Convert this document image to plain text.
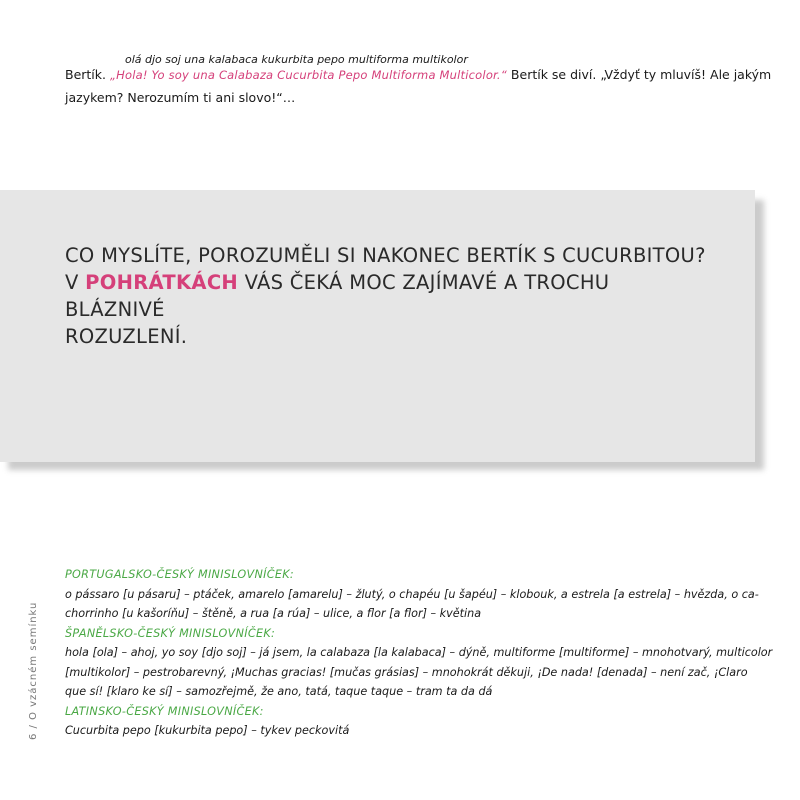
olá djo soj una kalabaca kukurbita pepo multiforma multikolor
Bertík. „Hola! Yo soy una Calabaza Cucurbita Pepo Multiforma Multicolor.“ Bertík se diví. „Vždyť ty mluvíš! Ale jakým
jazykem? Nerozumím ti ani slovo!“…
CO MYSLÍTE, POROZUMĚLI SI NAKONEC BERTÍK S CUCURBITOU?
V POHRÁTKÁCH VÁS ČEKÁ MOC ZAJÍMAVÉ A TROCHU BLÁZNIVÉ
ROZUZLENÍ.
6 / O vzácném semínku
PORTUGALSKO-ČESKÝ MINISLOVNÍČEK:
o pássaro [u pásaru] – ptáček, amarelo [amarelu] – žlutý, o chapéu [u šapéu] – klobouk, a estrela [a estrela] – hvězda, o ca-
chorrinho [u kašoríňu] – štěně, a rua [a rúa] – ulice, a flor [a flor] – květina
ŠPANĚLSKO-ČESKÝ MINISLOVNÍČEK:
hola [ola] – ahoj, yo soy [djo soj] – já jsem, la calabaza [la kalabaca] – dýně, multiforme [multiforme] – mnohotvarý, multicolor
[multikolor] – pestrobarevný, ¡Muchas gracias! [mučas grásias] – mnohokrát děkuji, ¡De nada! [denada] – není zač, ¡Claro
que sí! [klaro ke sí] – samozřejmě, že ano, tatá, taque taque – tram ta da dá
LATINSKO-ČESKÝ MINISLOVNÍČEK:
Cucurbita pepo [kukurbita pepo] – tykev peckovitá
